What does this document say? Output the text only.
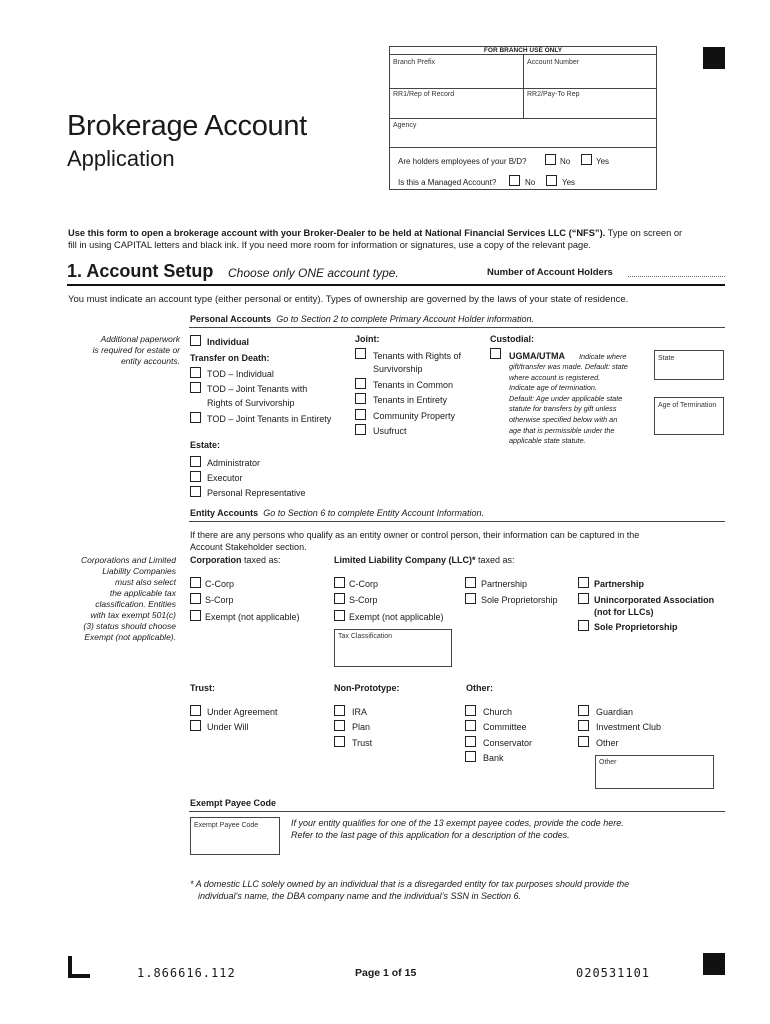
FOR BRANCH USE ONLY
Branch Prefix	Account Number
RR1/Rep of Record	RR2/Pay-To Rep
Agency
Are holders employees of your B/D?	No	Yes
Is this a Managed Account?	No	Yes
Brokerage Account
Application
Use this form to open a brokerage account with your Broker-Dealer to be held at National Financial Services LLC (“NFS”). Type on screen or
fill in using CAPITAL letters and black ink. If you need more room for information or signatures, use a copy of the relevant page.
1. Account Setup Choose only ONE account type.	Number of Account Holders
You must indicate an account type (either personal or entity). Types of ownership are governed by the laws of your state of residence.
Personal Accounts Go to Section 2 to complete Primary Account Holder information.
Additional paperwork
is required for estate or
entity accounts.
Individual
Transfer on Death:
TOD – Individual
TOD – Joint Tenants with
Rights of Survivorship
TOD – Joint Tenants in Entirety
Joint:
Tenants with Rights of
Survivorship
Tenants in Common
Tenants in Entirety
Community Property
Usufruct
Custodial:
UGMA/UTMA Indicate where
gift/transfer was made. Default: state
where account is registered.
Indicate age of termination.
Default: Age under applicable state
statute for transfers by gift unless
otherwise specified below with an
age that is permissible under the
applicable state statute.
State
Age of Termination
Estate:
Administrator
Executor
Personal Representative
Entity Accounts Go to Section 6 to complete Entity Account Information.
If there are any persons who qualify as an entity owner or control person, their information can be captured in the
Account Stakeholder section.
Corporations and Limited
Liability Companies
must also select
the applicable tax
classification. Entities
with tax exempt 501(c)
(3) status should choose
Exempt (not applicable).
Corporation taxed as:	Limited Liability Company (LLC)* taxed as:
C-Corp
S-Corp
Exempt (not applicable)
C-Corp
S-Corp
Exempt (not applicable)
Partnership
Sole Proprietorship
Tax Classification
Partnership
Unincorporated Association
(not for LLCs)
Sole Proprietorship
Trust:
Under Agreement
Under Will
Non-Prototype:
IRA
Plan
Trust
Other:
Church
Committee
Conservator
Bank
Guardian
Investment Club
Other
Other
Exempt Payee Code
Exempt Payee Code	If your entity qualifies for one of the 13 exempt payee codes, provide the code here.
Refer to the last page of this application for a description of the codes.
* A domestic LLC solely owned by an individual that is a disregarded entity for tax purposes should provide the
individual’s name, the DBA company name and the individual’s SSN in Section 6.
1.866616.112	Page 1 of 15	020531101
